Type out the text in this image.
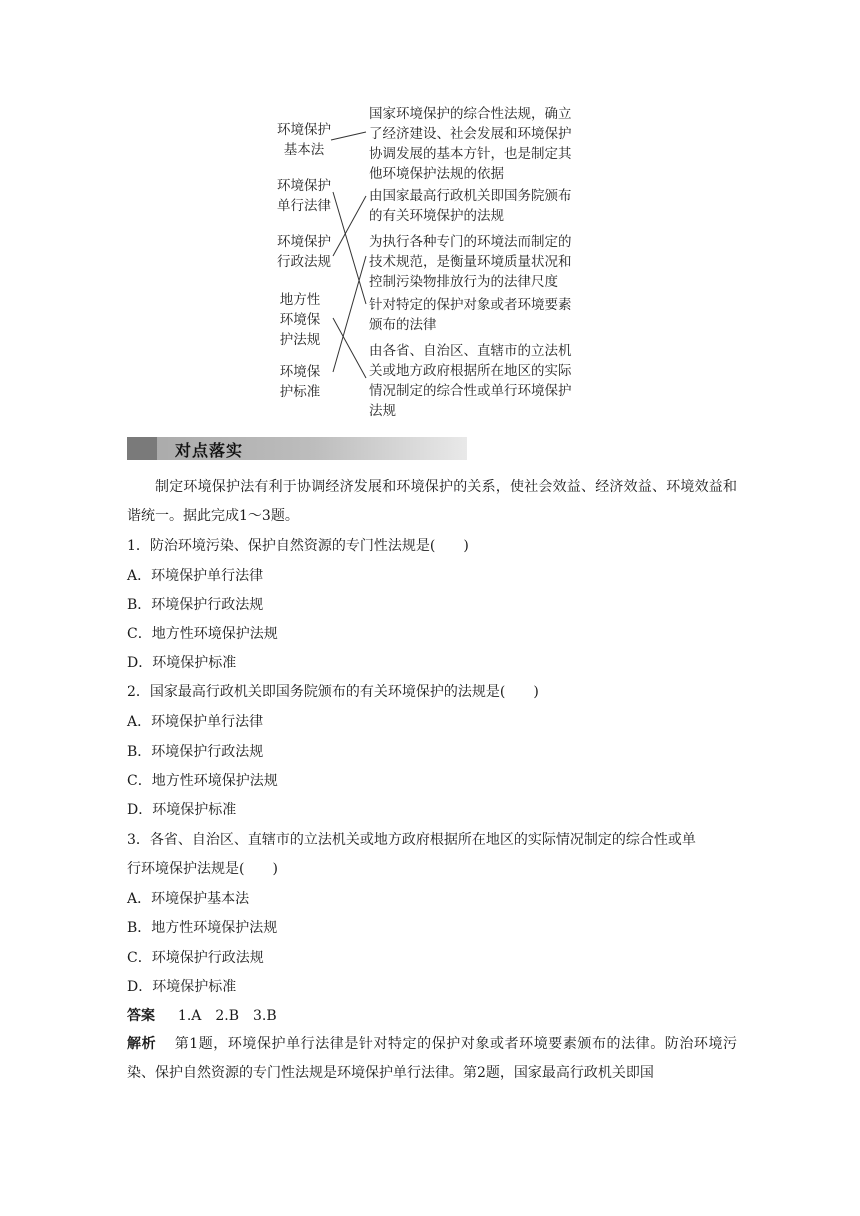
环境保护
基本法
环境保护
单行法律
环境保护
行政法规
地方性
环境保
护法规
环境保
护标准
国家环境保护的综合性法规，确立
了经济建设、社会发展和环境保护
协调发展的基本方针，也是制定其
他环境保护法规的依据
由国家最高行政机关即国务院颁布
的有关环境保护的法规
为执行各种专门的环境法而制定的
技术规范，是衡量环境质量状况和
控制污染物排放行为的法律尺度
针对特定的保护对象或者环境要素
颁布的法律
由各省、自治区、直辖市的立法机
关或地方政府根据所在地区的实际
情况制定的综合性或单行环境保护
法规
对点落实
制定环境保护法有利于协调经济发展和环境保护的关系，使社会效益、经济效益、环境效益和谐统一。据此完成1～3题。
1．防治环境污染、保护自然资源的专门性法规是(　　)
A．环境保护单行法律
B．环境保护行政法规
C．地方性环境保护法规
D．环境保护标准
2．国家最高行政机关即国务院颁布的有关环境保护的法规是(　　)
A．环境保护单行法律
B．环境保护行政法规
C．地方性环境保护法规
D．环境保护标准
3．各省、自治区、直辖市的立法机关或地方政府根据所在地区的实际情况制定的综合性或单
行环境保护法规是(　　)
A．环境保护基本法
B．地方性环境保护法规
C．环境保护行政法规
D．环境保护标准
答案 1.A　2.B　3.B
解析 第1题，环境保护单行法律是针对特定的保护对象或者环境要素颁布的法律。防治环境污染、保护自然资源的专门性法规是环境保护单行法律。第2题，国家最高行政机关即国
